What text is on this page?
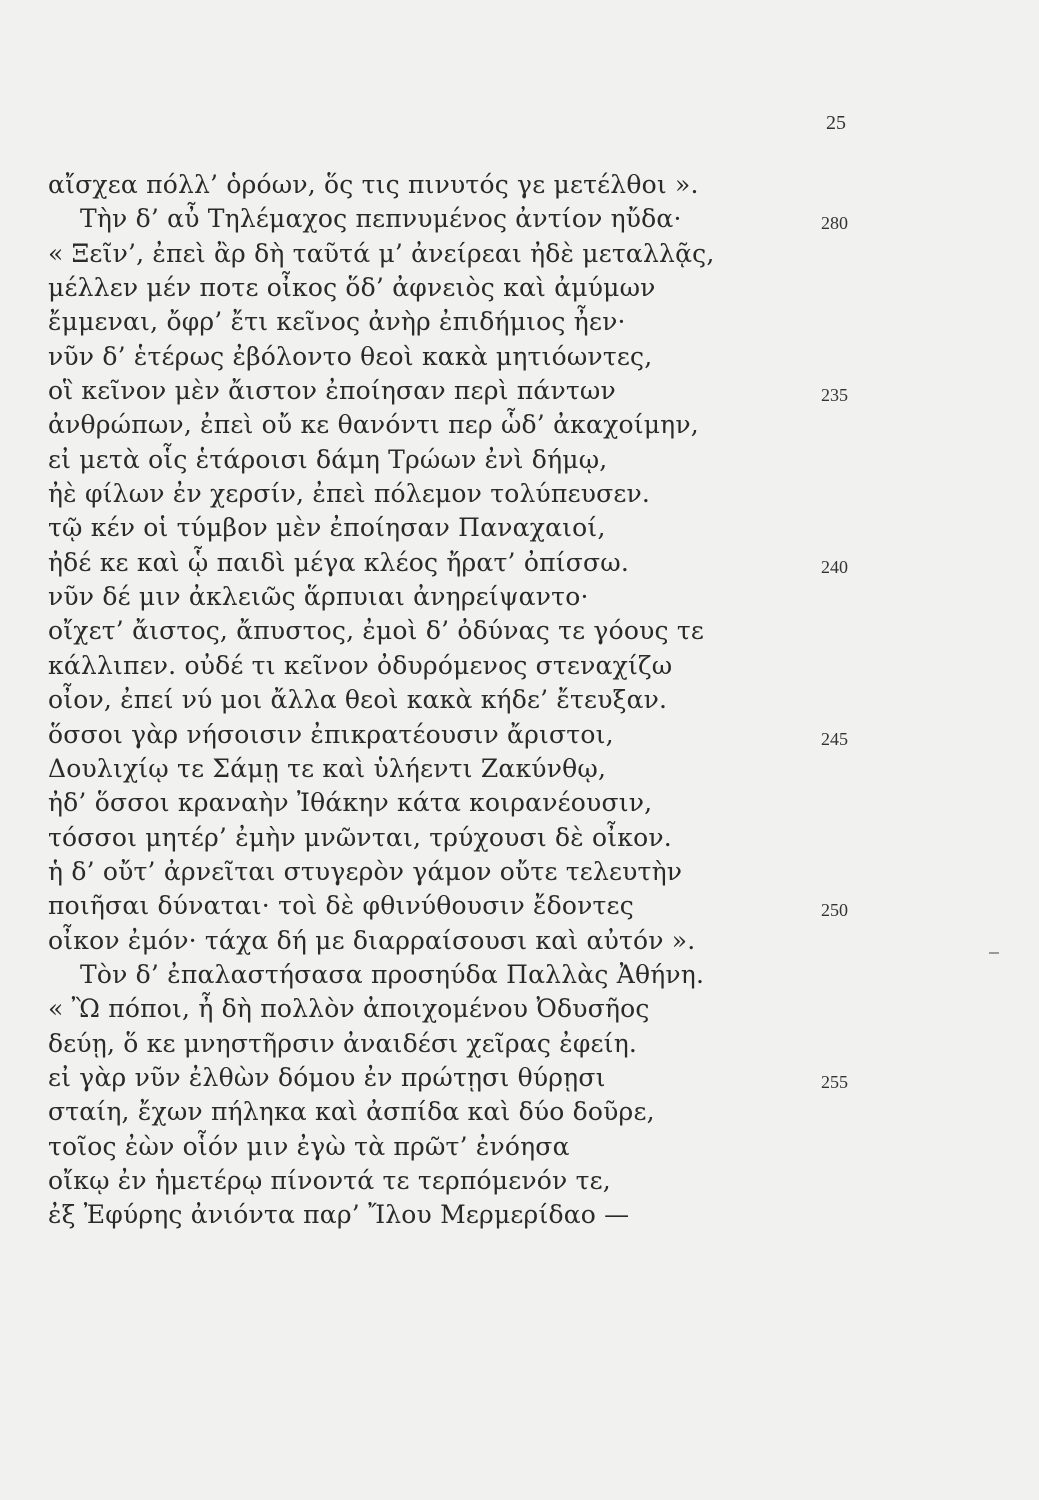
25
αἴσχεα πόλλ’ ὁρόων, ὅς τις πινυτός γε μετέλθοι ».
Τὴν δ’ αὖ Τηλέμαχος πεπνυμένος ἀντίον ηὔδα·	280
« Ξεῖν’, ἐπεὶ ἂρ δὴ ταῦτά μ’ ἀνείρεαι ἠδὲ μεταλλᾷς,
μέλλεν μέν ποτε οἶκος ὅδ’ ἀφνειὸς καὶ ἀμύμων
ἔμμεναι, ὄφρ’ ἔτι κεῖνος ἀνὴρ ἐπιδήμιος ἦεν·
νῦν δ’ ἑτέρως ἐβόλοντο θεοὶ κακὰ μητιόωντες,
οἳ κεῖνον μὲν ἄιστον ἐποίησαν περὶ πάντων	235
ἀνθρώπων, ἐπεὶ οὔ κε θανόντι περ ὧδ’ ἀκαχοίμην,
εἰ μετὰ οἷς ἑτάροισι δάμη Τρώων ἐνὶ δήμῳ,
ἠὲ φίλων ἐν χερσίν, ἐπεὶ πόλεμον τολύπευσεν.
τῷ κέν οἱ τύμβον μὲν ἐποίησαν Παναχαιοί,
ἠδέ κε καὶ ᾧ παιδὶ μέγα κλέος ἤρατ’ ὀπίσσω.	240
νῦν δέ μιν ἀκλειῶς ἅρπυιαι ἀνηρείψαντο·
οἴχετ’ ἄιστος, ἄπυστος, ἐμοὶ δ’ ὀδύνας τε γόους τε
κάλλιπεν. οὐδέ τι κεῖνον ὀδυρόμενος στεναχίζω
οἶον, ἐπεί νύ μοι ἄλλα θεοὶ κακὰ κήδε’ ἔτευξαν.
ὅσσοι γὰρ νήσοισιν ἐπικρατέουσιν ἄριστοι,	245
Δουλιχίῳ τε Σάμῃ τε καὶ ὑλήεντι Ζακύνθῳ,
ἠδ’ ὅσσοι κραναὴν Ἰθάκην κάτα κοιρανέουσιν,
τόσσοι μητέρ’ ἐμὴν μνῶνται, τρύχουσι δὲ οἶκον.
ἡ δ’ οὔτ’ ἀρνεῖται στυγερὸν γάμον οὔτε τελευτὴν
ποιῆσαι δύναται· τοὶ δὲ φθινύθουσιν ἔδοντες	250
οἶκον ἐμόν· τάχα δή με διαρραίσουσι καὶ αὐτόν ».
Τὸν δ’ ἐπαλαστήσασα προσηύδα Παλλὰς Ἀθήνη.
« Ὢ πόποι, ἦ δὴ πολλὸν ἀποιχομένου Ὀδυσῆος
δεύῃ, ὅ κε μνηστῆρσιν ἀναιδέσι χεῖρας ἐφείη.
εἰ γὰρ νῦν ἐλθὼν δόμου ἐν πρώτῃσι θύρῃσι	255
σταίη, ἔχων πήληκα καὶ ἀσπίδα καὶ δύο δοῦρε,
τοῖος ἐὼν οἷόν μιν ἐγὼ τὰ πρῶτ’ ἐνόησα
οἴκῳ ἐν ἡμετέρῳ πίνοντά τε τερπόμενόν τε,
ἐξ Ἐφύρης ἀνιόντα παρ’ Ἴλου Μερμερίδαο —
